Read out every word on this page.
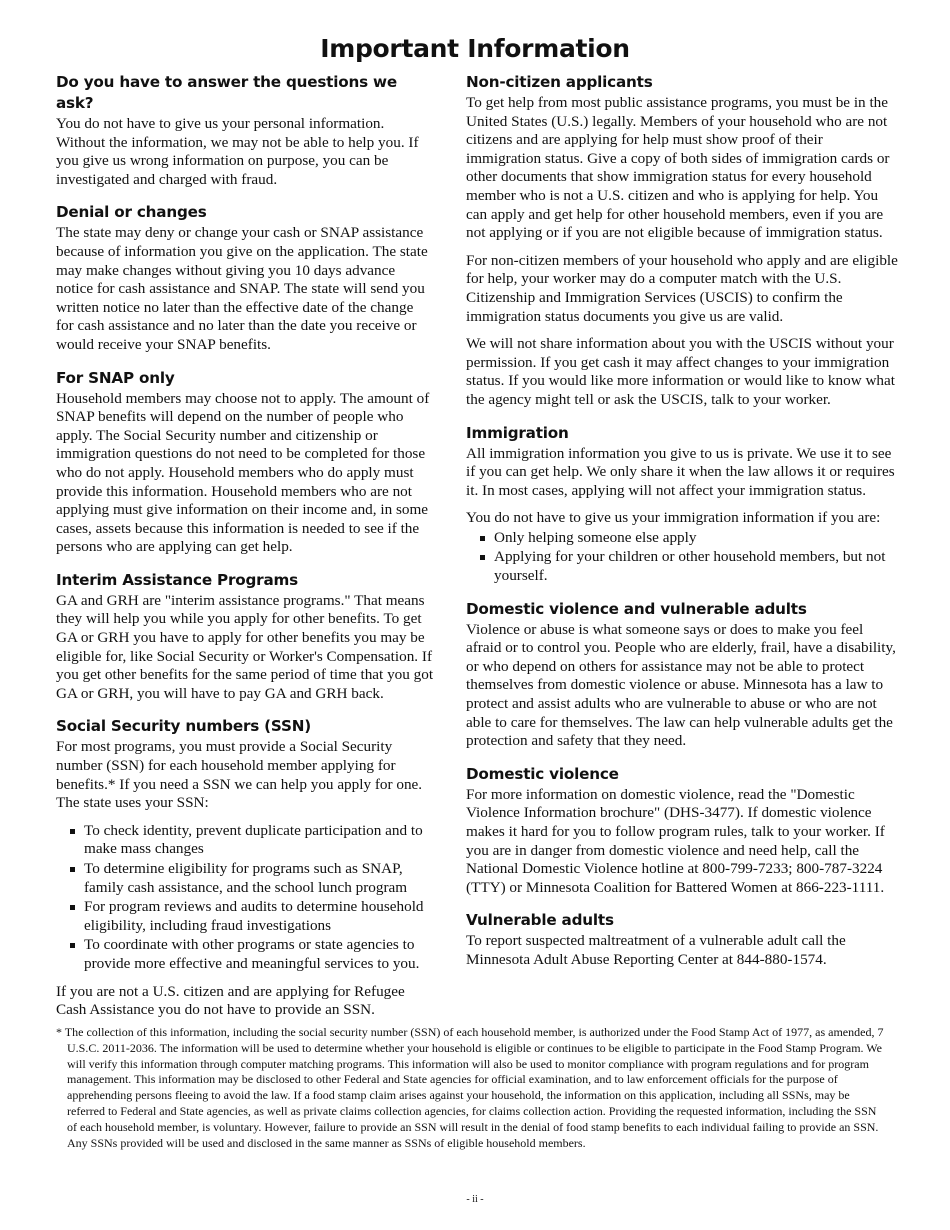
Important Information
Do you have to answer the questions we ask?

You do not have to give us your personal information. Without the information, we may not be able to help you. If you give us wrong information on purpose, you can be investigated and charged with fraud.

Denial or changes

The state may deny or change your cash or SNAP assistance because of information you give on the application. The state may make changes without giving you 10 days advance notice for cash assistance and SNAP. The state will send you written notice no later than the effective date of the change for cash assistance and no later than the date you receive or would receive your SNAP benefits.

For SNAP only

Household members may choose not to apply. The amount of SNAP benefits will depend on the number of people who apply. The Social Security number and citizenship or immigration questions do not need to be completed for those who do not apply. Household members who do apply must provide this information. Household members who are not applying must give information on their income and, in some cases, assets because this information is needed to see if the persons who are applying can get help.

Interim Assistance Programs

GA and GRH are "interim assistance programs." That means they will help you while you apply for other benefits. To get GA or GRH you have to apply for other benefits you may be eligible for, like Social Security or Worker's Compensation. If you get other benefits for the same period of time that you got GA or GRH, you will have to pay GA and GRH back.

Social Security numbers (SSN)

For most programs, you must provide a Social Security number (SSN) for each household member applying for benefits.* If you need a SSN we can help you apply for one. The state uses your SSN:

To check identity, prevent duplicate participation and to make mass changes
To determine eligibility for programs such as SNAP, family cash assistance, and the school lunch program
For program reviews and audits to determine household eligibility, including fraud investigations
To coordinate with other programs or state agencies to provide more effective and meaningful services to you.

If you are not a U.S. citizen and are applying for Refugee Cash Assistance you do not have to provide an SSN.

Non-citizen applicants

To get help from most public assistance programs, you must be in the United States (U.S.) legally. Members of your household who are not citizens and are applying for help must show proof of their immigration status. Give a copy of both sides of immigration cards or other documents that show immigration status for every household member who is not a U.S. citizen and who is applying for help. You can apply and get help for other household members, even if you are not applying or if you are not eligible because of immigration status.

For non-citizen members of your household who apply and are eligible for help, your worker may do a computer match with the U.S. Citizenship and Immigration Services (USCIS) to confirm the immigration status documents you give us are valid.

We will not share information about you with the USCIS without your permission. If you get cash it may affect changes to your immigration status. If you would like more information or would like to know what the agency might tell or ask the USCIS, talk to your worker.

Immigration

All immigration information you give to us is private. We use it to see if you can get help. We only share it when the law allows it or requires it. In most cases, applying will not affect your immigration status.

You do not have to give us your immigration information if you are:

Only helping someone else apply
Applying for your children or other household members, but not yourself.
Domestic violence and vulnerable adults

Violence or abuse is what someone says or does to make you feel afraid or to control you. People who are elderly, frail, have a disability, or who depend on others for assistance may not be able to protect themselves from domestic violence or abuse. Minnesota has a law to protect and assist adults who are vulnerable to abuse or who are not able to care for themselves. The law can help vulnerable adults get the protection and safety that they need.

Domestic violence

For more information on domestic violence, read the "Domestic Violence Information brochure" (DHS-3477). If domestic violence makes it hard for you to follow program rules, talk to your worker. If you are in danger from domestic violence and need help, call the National Domestic Violence hotline at 800-799-7233; 800-787-3224 (TTY) or Minnesota Coalition for Battered Women at 866-223-1111.

Vulnerable adults

To report suspected maltreatment of a vulnerable adult call the Minnesota Adult Abuse Reporting Center at 844-880-1574.

* The collection of this information, including the social security number (SSN) of each household member, is authorized under the Food Stamp Act of 1977, as amended, 7 U.S.C. 2011-2036. The information will be used to determine whether your household is eligible or continues to be eligible to participate in the Food Stamp Program. We will verify this information through computer matching programs. This information will also be used to monitor compliance with program regulations and for program management. This information may be disclosed to other Federal and State agencies for official examination, and to law enforcement officials for the purpose of apprehending persons fleeing to avoid the law. If a food stamp claim arises against your household, the information on this application, including all SSNs, may be referred to Federal and State agencies, as well as private claims collection agencies, for claims collection action. Providing the requested information, including the SSN of each household member, is voluntary. However, failure to provide an SSN will result in the denial of food stamp benefits to each individual failing to provide an SSN. Any SSNs provided will be used and disclosed in the same manner as SSNs of eligible household members.

- ii -
